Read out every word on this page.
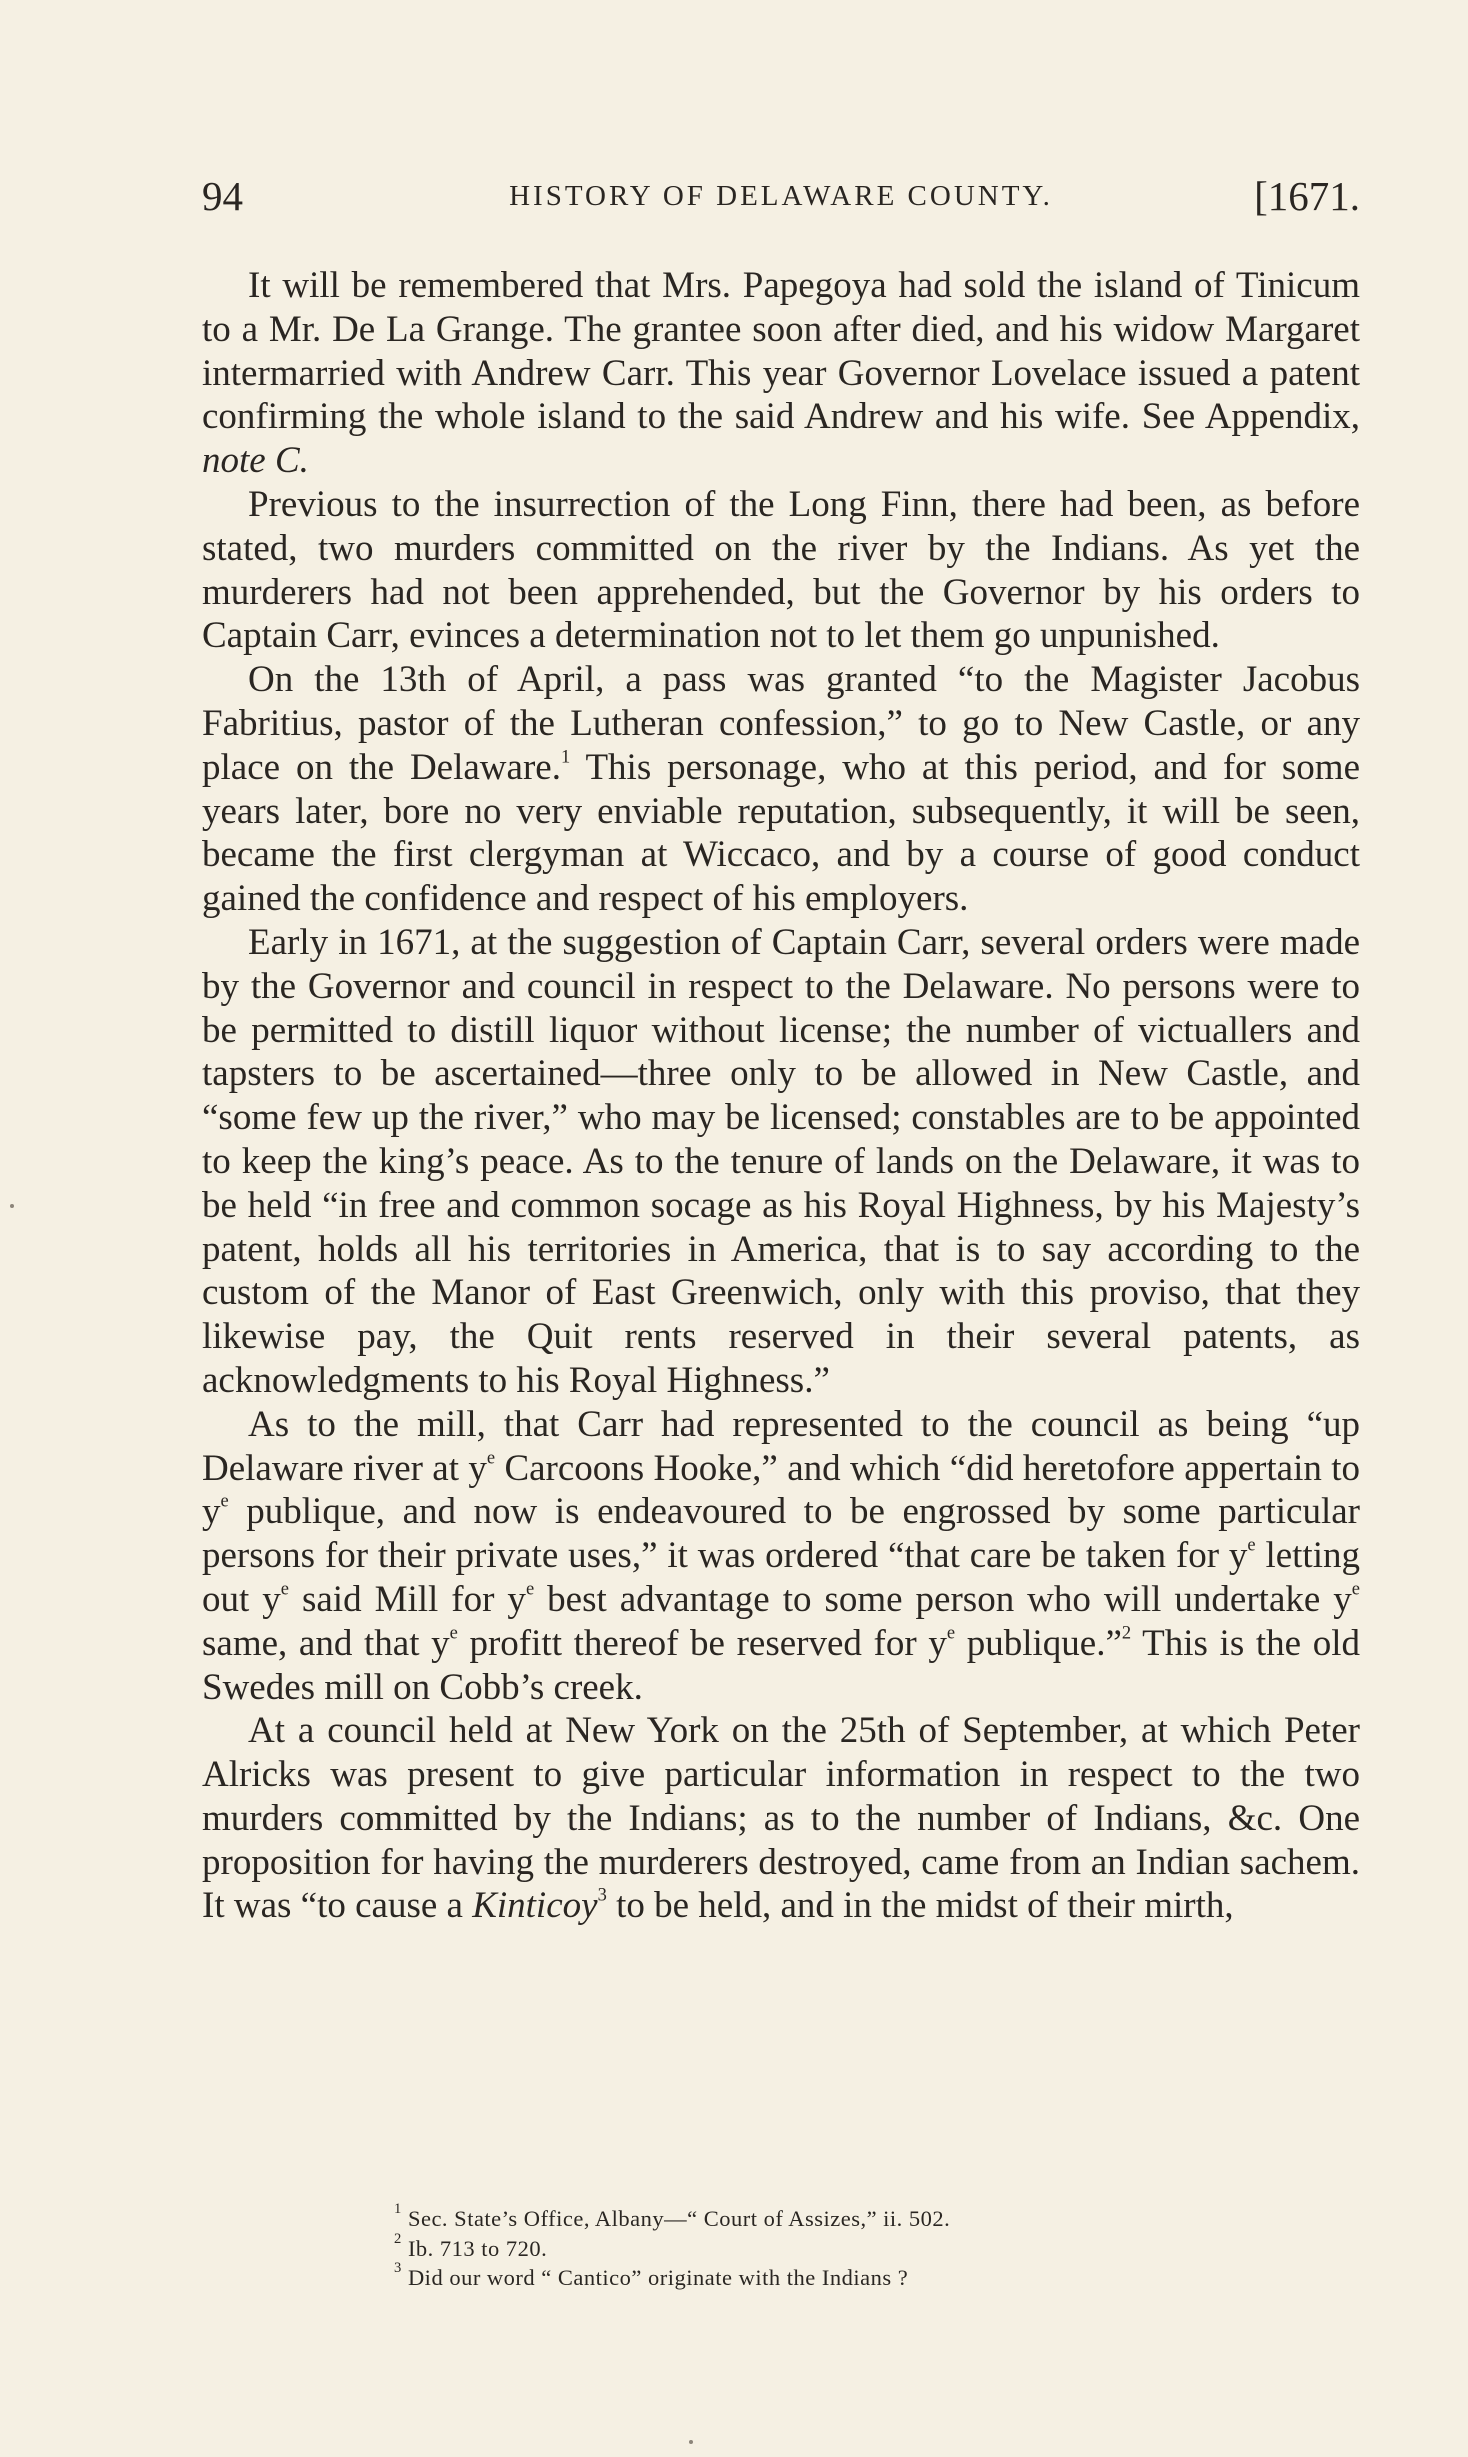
94	HISTORY OF DELAWARE COUNTY.	[1671.

It will be remembered that Mrs. Papegoya had sold the island of Tinicum to a Mr. De La Grange. The grantee soon after died, and his widow Margaret intermarried with Andrew Carr. This year Governor Lovelace issued a patent confirming the whole island to the said Andrew and his wife. See Appendix, note C.

Previous to the insurrection of the Long Finn, there had been, as before stated, two murders committed on the river by the Indians. As yet the murderers had not been apprehended, but the Governor by his orders to Captain Carr, evinces a determination not to let them go unpunished.

On the 13th of April, a pass was granted “to the Magister Jacobus Fabritius, pastor of the Lutheran confession,” to go to New Castle, or any place on the Delaware.$^1$ This personage, who at this period, and for some years later, bore no very enviable reputation, subsequently, it will be seen, became the first clergyman at Wiccaco, and by a course of good conduct gained the confidence and respect of his employers.

Early in 1671, at the suggestion of Captain Carr, several orders were made by the Governor and council in respect to the Delaware. No persons were to be permitted to distill liquor without license; the number of victuallers and tapsters to be ascertained—three only to be allowed in New Castle, and “some few up the river,” who may be licensed; constables are to be appointed to keep the king’s peace. As to the tenure of lands on the Delaware, it was to be held “in free and common socage as his Royal Highness, by his Majesty’s patent, holds all his territories in America, that is to say according to the custom of the Manor of East Greenwich, only with this proviso, that they likewise pay, the Quit rents reserved in their several patents, as acknowledgments to his Royal Highness.”

As to the mill, that Carr had represented to the council as being “up Delaware river at $y^e$ Carcoons Hooke,” and which “did heretofore appertain to $y^e$ publique, and now is endeavoured to be engrossed by some particular persons for their private uses,” it was ordered “that care be taken for $y^e$ letting out $y^e$ said Mill for $y^e$ best advantage to some person who will undertake $y^e$ same, and that $y^e$ profitt thereof be reserved for $y^e$ publique.”$^2$ This is the old Swedes mill on Cobb’s creek.

At a council held at New York on the 25th of September, at which Peter Alricks was present to give particular information in respect to the two murders committed by the Indians; as to the number of Indians, &c. One proposition for having the murderers destroyed, came from an Indian sachem. It was “to cause a Kinticoy$^3$ to be held, and in the midst of their mirth,

$^1$ Sec. State’s Office, Albany—“ Court of Assizes,” ii. 502.
$^2$ Ib. 713 to 720.
$^3$ Did our word “ Cantico” originate with the Indians ?
